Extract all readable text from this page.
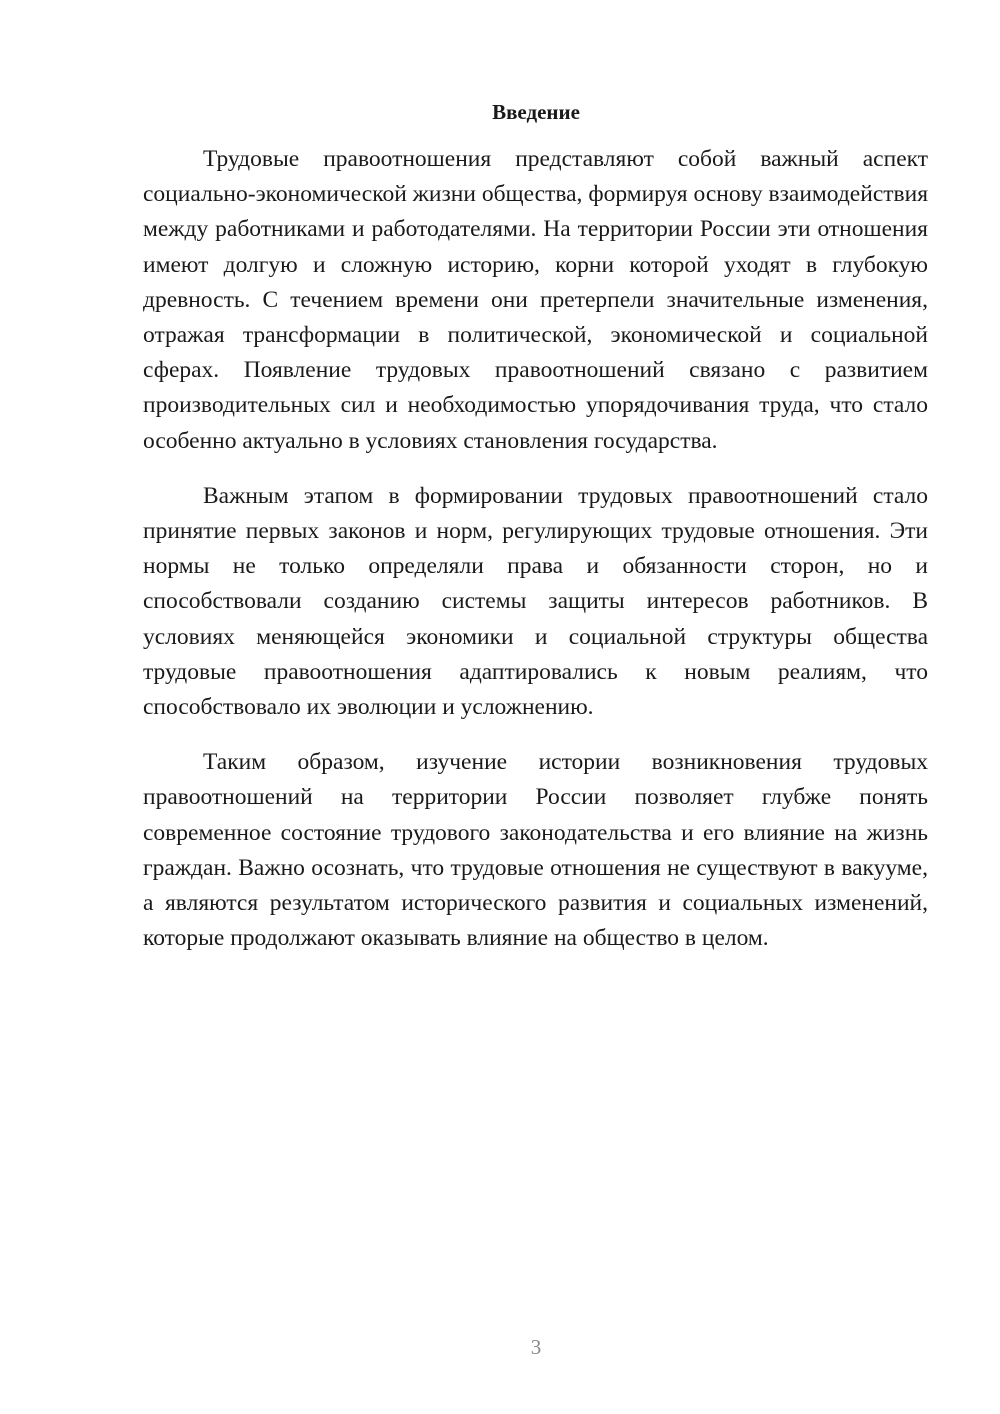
Введение

Трудовые правоотношения представляют собой важный аспект социально-экономической жизни общества, формируя основу взаимодействия между работниками и работодателями. На территории России эти отношения имеют долгую и сложную историю, корни которой уходят в глубокую древность. С течением времени они претерпели значительные изменения, отражая трансформации в политической, экономической и социальной сферах. Появление трудовых правоотношений связано с развитием производительных сил и необходимостью упорядочивания труда, что стало особенно актуально в условиях становления государства.

Важным этапом в формировании трудовых правоотношений стало принятие первых законов и норм, регулирующих трудовые отношения. Эти нормы не только определяли права и обязанности сторон, но и способствовали созданию системы защиты интересов работников. В условиях меняющейся экономики и социальной структуры общества трудовые правоотношения адаптировались к новым реалиям, что способствовало их эволюции и усложнению.

Таким образом, изучение истории возникновения трудовых правоотношений на территории России позволяет глубже понять современное состояние трудового законодательства и его влияние на жизнь граждан. Важно осознать, что трудовые отношения не существуют в вакууме, а являются результатом исторического развития и социальных изменений, которые продолжают оказывать влияние на общество в целом.

3
